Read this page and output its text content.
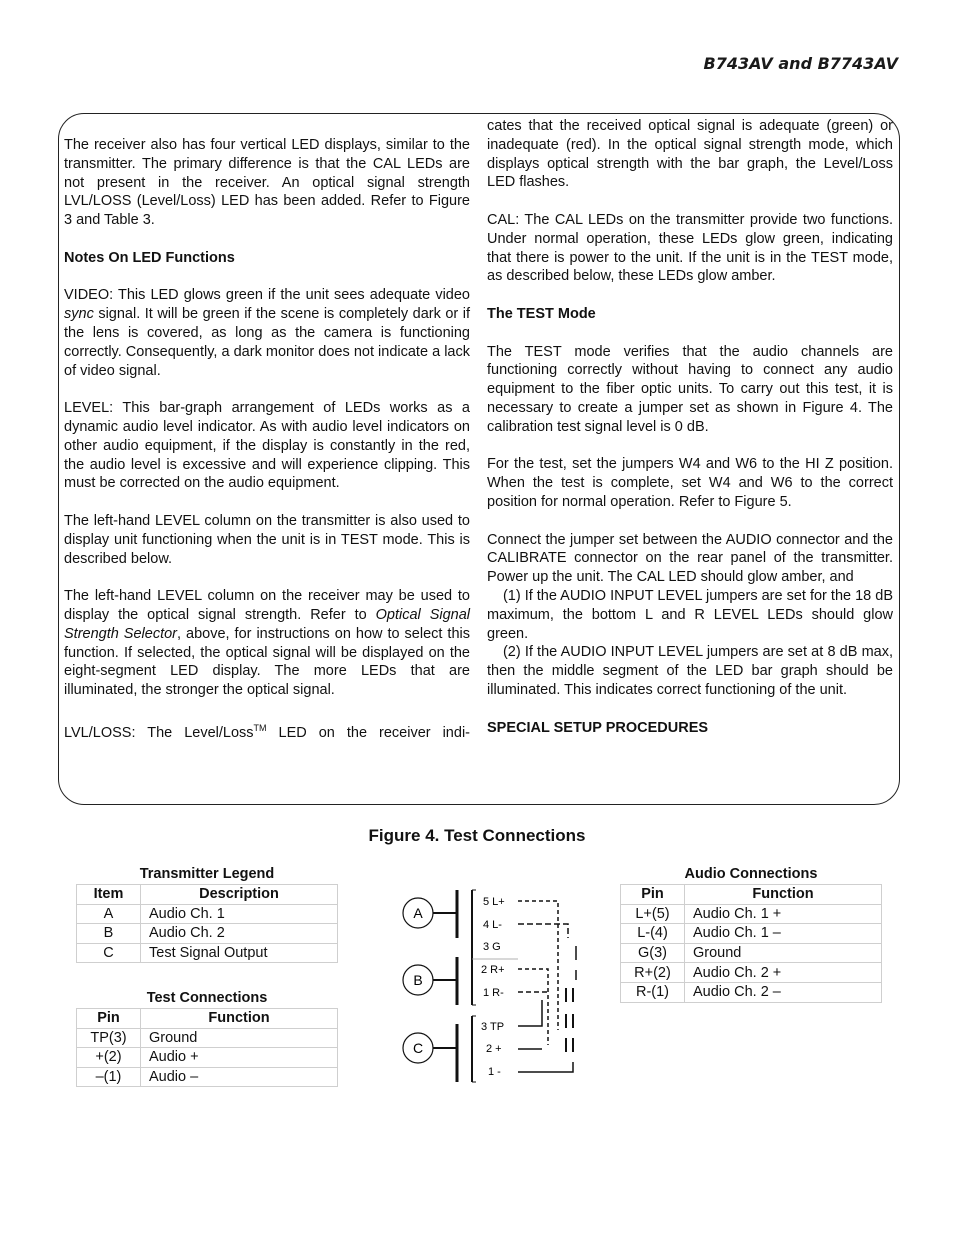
B743AV and B7743AV

The receiver also has four vertical LED displays, similar to the transmitter. The primary difference is that the CAL LEDs are not present in the receiver. An optical signal strength LVL/LOSS (Level/Loss) LED has been added. Refer to Figure 3 and Table 3.

Notes On LED Functions

VIDEO: This LED glows green if the unit sees adequate video sync signal. It will be green if the scene is completely dark or if the lens is covered, as long as the camera is functioning correctly. Consequently, a dark monitor does not indicate a lack of video signal.

LEVEL: This bar-graph arrangement of LEDs works as a dynamic audio level indicator. As with audio level indicators on other audio equipment, if the display is constantly in the red, the audio level is excessive and will experience clipping. This must be corrected on the audio equipment.

The left-hand LEVEL column on the transmitter is also used to display unit functioning when the unit is in TEST mode. This is described below.

The left-hand LEVEL column on the receiver may be used to display the optical signal strength. Refer to Optical Signal Strength Selector, above, for instructions on how to select this function. If selected, the optical signal will be displayed on the eight-segment LED display. The more LEDs that are illuminated, the stronger the optical signal.

LVL/LOSS: The Level/Loss™ LED on the receiver indi-

cates that the received optical signal is adequate (green) or inadequate (red). In the optical signal strength mode, which displays optical strength with the bar graph, the Level/Loss LED flashes.

CAL: The CAL LEDs on the transmitter provide two functions. Under normal operation, these LEDs glow green, indicating that there is power to the unit. If the unit is in the TEST mode, as described below, these LEDs glow amber.

The TEST Mode

The TEST mode verifies that the audio channels are functioning correctly without having to connect any audio equipment to the fiber optic units. To carry out this test, it is necessary to create a jumper set as shown in Figure 4. The calibration test signal level is 0 dB.

For the test, set the jumpers W4 and W6 to the HI Z position. When the test is complete, set W4 and W6 to the correct position for normal operation. Refer to Figure 5.

Connect the jumper set between the AUDIO connector and the CALIBRATE connector on the rear panel of the transmitter. Power up the unit. The CAL LED should glow amber, and

(1) If the AUDIO INPUT LEVEL jumpers are set for the 18 dB maximum, the bottom L and R LEVEL LEDs should glow green.

(2) If the AUDIO INPUT LEVEL jumpers are set at 8 dB max, then the middle segment of the LED bar graph should be illuminated. This indicates correct functioning of the unit.

SPECIAL SETUP PROCEDURES

Figure 4. Test Connections
Transmitter Legend
Item	Description
A	Audio Ch. 1
B	Audio Ch. 2
C	Test Signal Output
Test Connections
Pin	Function
TP(3)	Ground
+(2)	Audio +
–(1)	Audio –
Audio Connections
Pin	Function
L+(5)	Audio Ch. 1 +
L-(4)	Audio Ch. 1 –
G(3)	Ground
R+(2)	Audio Ch. 2 +
R-(1)	Audio Ch. 2 –
A
B
C
5 L+
4 L-
3 G
2 R+
1 R-
3 TP
2 +
1 -
